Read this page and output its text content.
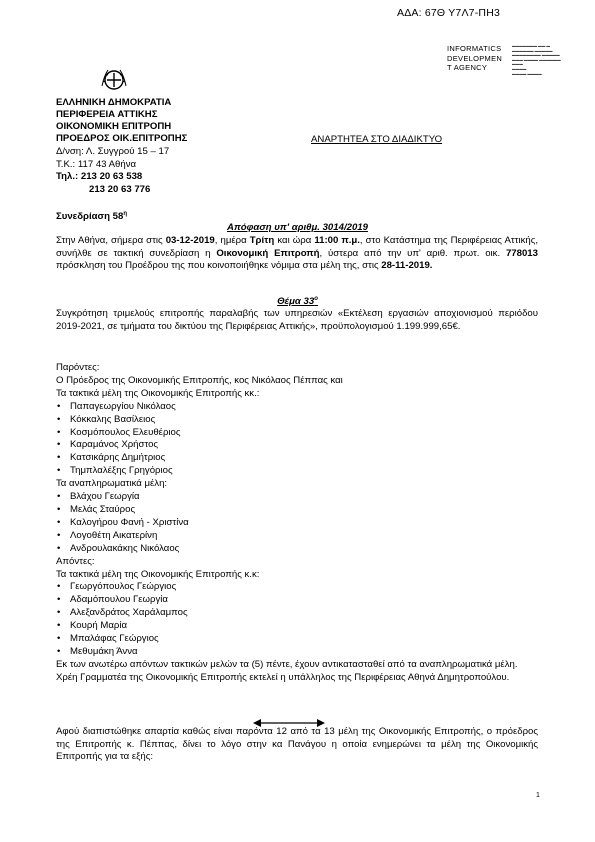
ΑΔΑ: 67Θ Υ7Λ7-ΠΗ3
INFORMATICS
DEVELOPMEN
T AGENCY
▬▬▬▬▬▬▬ ▬▬ ▬
▬▬▬▬▬▬ ▬▬▬▬▬
▬▬▬▬▬▬▬▬ ▬▬▬▬▬
▬▬▬ ▬▬▬▬ ▬▬▬▬▬▬
▬▬▬
▬▬▬▬
▬▬▬▬ ▬▬▬▬
ΕΛΛΗΝΙΚΗ ΔΗΜΟΚΡΑΤΙΑ
ΠΕΡΙΦΕΡΕΙΑ ΑΤΤΙΚΗΣ
ΟΙΚΟΝΟΜΙΚΗ ΕΠΙΤΡΟΠΗ
ΠΡΟΕΔΡΟΣ ΟΙΚ.ΕΠΙΤΡΟΠΗΣ
Δ/νση: Λ. Συγγρού 15 – 17
Τ.Κ.: 117 43 Αθήνα
Τηλ.: 213 20 63 538
213 20 63 776
ΑΝΑΡΤΗΤΕΑ ΣΤΟ ΔΙΑΔΙΚΤΥΟ
Συνεδρίαση $58^\eta$
Απόφαση υπ' αριθμ. 3014/2019
Στην Αθήνα, σήμερα στις 03-12-2019, ημέρα Τρίτη και ώρα 11:00 π.μ., στο Κατάστημα της Περιφέρειας Αττικής, συνήλθε σε τακτική συνεδρίαση η Οικονομική Επιτροπή, ύστερα από την υπ' αριθ. πρωτ. οικ. 778013 πρόσκληση του Προέδρου της που κοινοποιήθηκε νόμιμα στα μέλη της, στις 28-11-2019.
Θέμα $33^o$
Συγκρότηση τριμελούς επιτροπής παραλαβής των υπηρεσιών «Εκτέλεση εργασιών αποχιονισμού περιόδου 2019-2021, σε τμήματα του δικτύου της Περιφέρειας Αττικής», προϋπολογισμού 1.199.999,65€.
Παρόντες:
Ο Πρόεδρος της Οικονομικής Επιτροπής, κος Νικόλαος Πέππας και
Τα τακτικά μέλη της Οικονομικής Επιτροπής κκ.:
• Παπαγεωργίου Νικόλαος
• Κόκκαλης Βασίλειος
• Κοσμόπουλος Ελευθέριος
• Καραμάνος Χρήστος
• Κατσικάρης Δημήτριος
• Τημπλαλέξης Γρηγόριος
Τα αναπληρωματικά μέλη:
• Βλάχου Γεωργία
• Μελάς Σταύρος
• Καλογήρου Φανή - Χριστίνα
• Λογοθέτη Αικατερίνη
• Ανδρουλακάκης Νικόλαος
Απόντες:
Τα τακτικά μέλη της Οικονομικής Επιτροπής κ.κ:
• Γεωργόπουλος Γεώργιος
• Αδαμόπουλου Γεωργία
• Αλεξανδράτος Χαράλαμπος
• Κουρή Μαρία
• Μπαλάφας Γεώργιος
• Μεθυμάκη Άννα
Εκ των ανωτέρω απόντων τακτικών μελών τα (5) πέντε, έχουν αντικατασταθεί από τα αναπληρωματικά μέλη.
Χρέη Γραμματέα της Οικονομικής Επιτροπής εκτελεί η υπάλληλος της Περιφέρειας Αθηνά Δημητροπούλου.
Αφού διαπιστώθηκε απαρτία καθώς είναι παρόντα 12 από τα 13 μέλη της Οικονομικής Επιτροπής, ο πρόεδρος της Επιτροπής κ. Πέππας, δίνει το λόγο στην κα Πανάγου η οποία ενημερώνει τα μέλη της Οικονομικής Επιτροπής για τα εξής:
1
